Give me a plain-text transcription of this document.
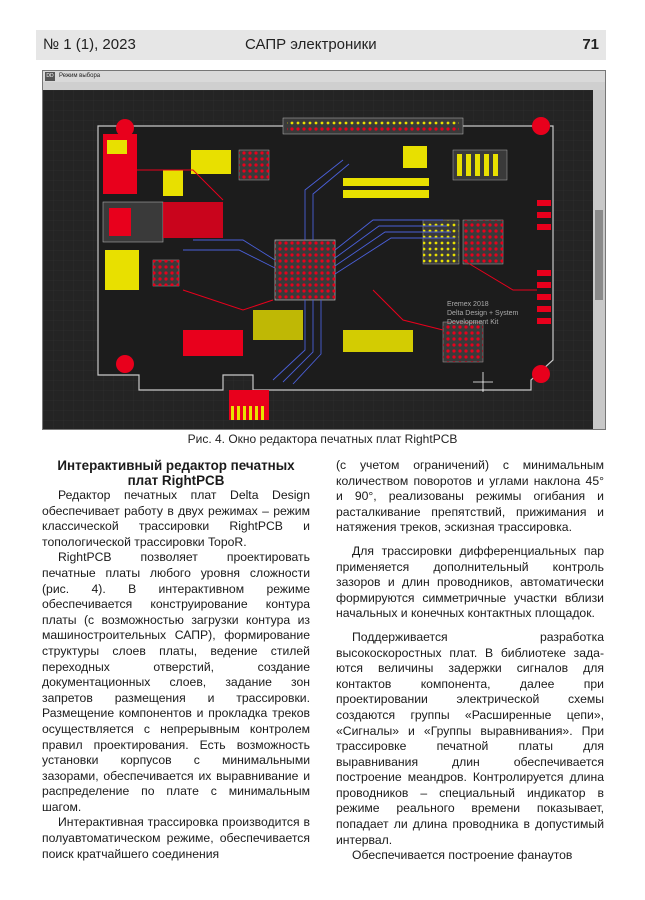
№ 1 (1), 2023	САПР электроники	71
DD Режим выбора
Eremex 2018
Delta Design + System
Development Kit
Рис. 4. Окно редактора печатных плат RightPCB
Интерактивный редактор печатных плат RightPCB

Редактор печатных плат Delta Design обеспечивает работу в двух режимах – режим классической трассировки RightPCB и топологической трассировки TopoR.

RightPCB позволяет проектировать печатные платы любого уровня сложности (рис. 4). В интерактивном режиме обеспечивается конструирование контура платы (с возможностью загрузки контура из машиностроительных САПР), формирование структуры слоев платы, ведение стилей переходных отверстий, создание документационных слоев, задание зон запретов размещения и трассировки. Размещение компонентов и прокладка треков осуществляется с непрерывным контролем правил проектирования. Есть возможность установки корпусов с минимальными зазорами, обеспечивается их выравнивание и распределение по плате с минимальным шагом.

Интерактивная трассировка производится в полуавтоматическом режиме, обеспечивается поиск кратчайшего соединения

(с учетом ограничений) с минимальным количеством поворотов и углами наклона 45° и 90°, реализованы режимы огибания и расталкивание препятствий, прижимания и натяжения треков, эскизная трассировка.

Для трассировки дифференциальных пар применяется дополнительный контроль зазоров и длин проводников, автоматически формируются симметричные участки вблизи начальных и конечных контактных площадок.

Поддерживается разработка высокоскоростных плат. В библиотеке зада-ются величины задержки сигналов для контактов компонента, далее при проектировании электрической схемы создаются группы «Расширенные цепи», «Сигналы» и «Группы выравнивания». При трассировке печатной платы для выравнивания длин обеспечивается построение меандров. Контролируется длина проводников – специальный индикатор в режиме реального времени показывает, попадает ли длина проводника в допустимый интервал.

Обеспечивается построение фанаутов
